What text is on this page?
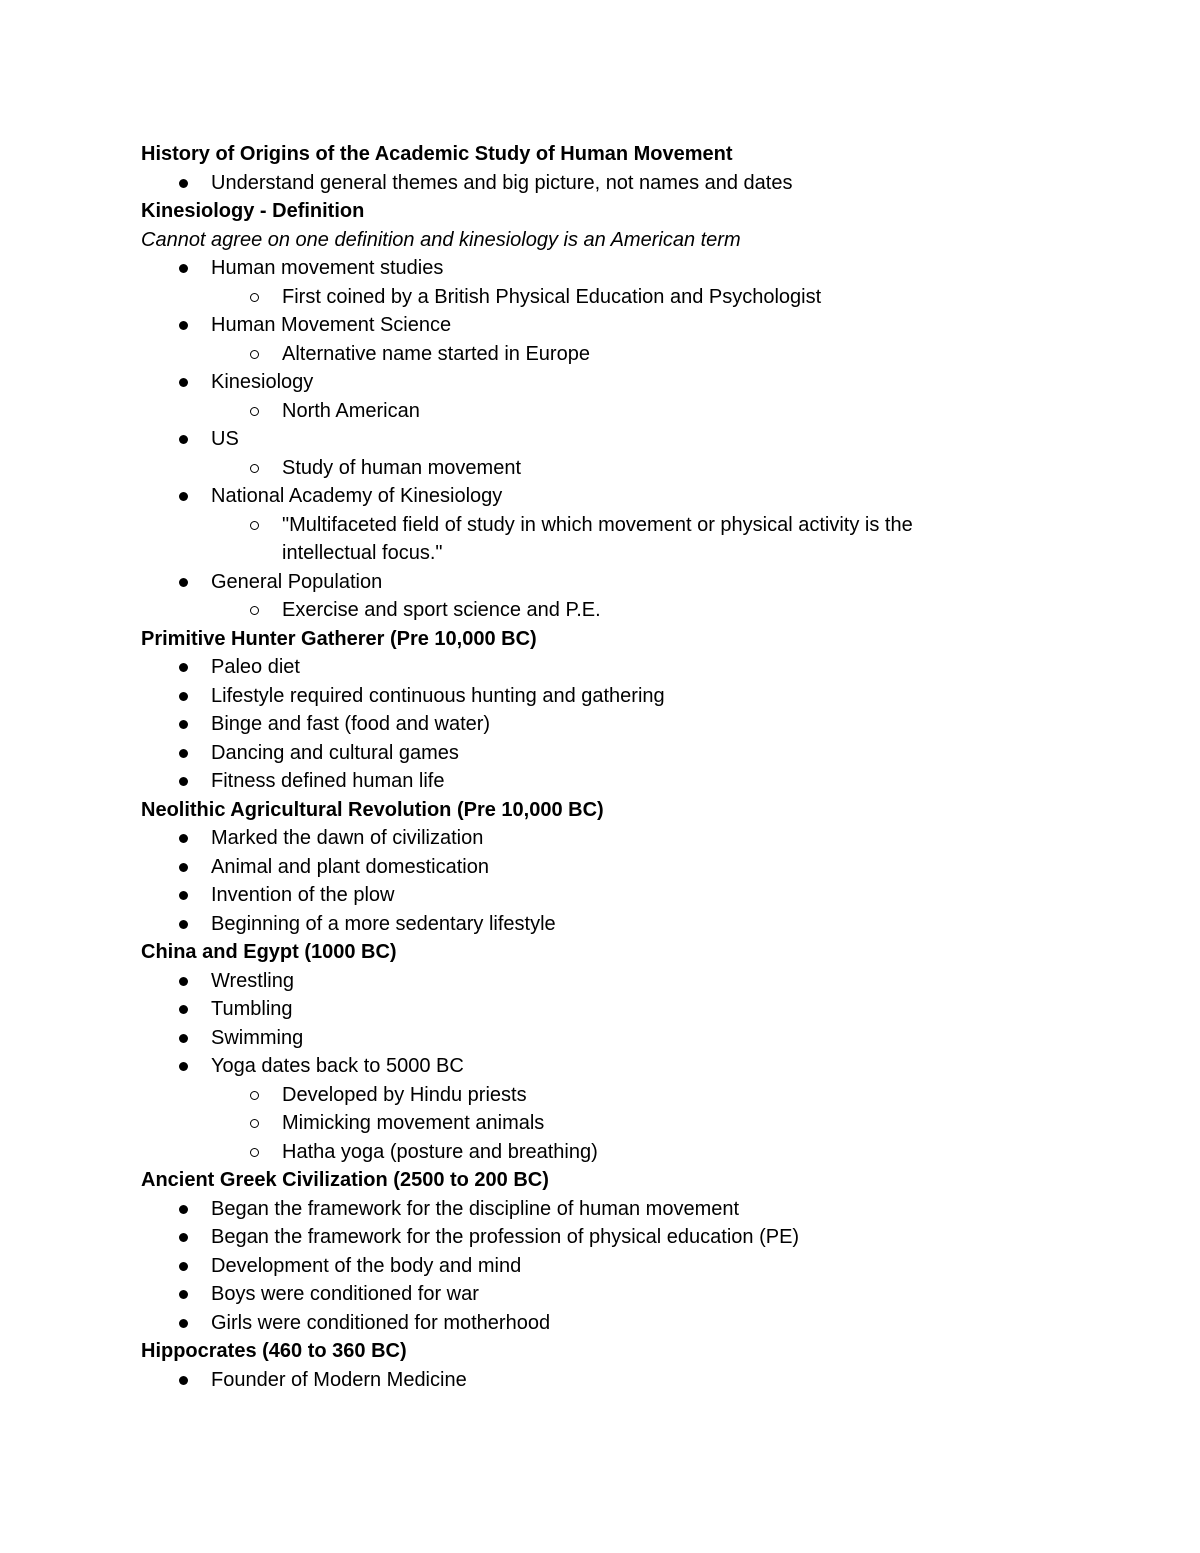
History of Origins of the Academic Study of Human Movement
Understand general themes and big picture, not names and dates
Kinesiology - Definition
Cannot agree on one definition and kinesiology is an American term
Human movement studies
First coined by a British Physical Education and Psychologist
Human Movement Science
Alternative name started in Europe
Kinesiology
North American
US
Study of human movement
National Academy of Kinesiology
"Multifaceted field of study in which movement or physical activity is the
intellectual focus."
General Population
Exercise and sport science and P.E.
Primitive Hunter Gatherer (Pre 10,000 BC)
Paleo diet
Lifestyle required continuous hunting and gathering
Binge and fast (food and water)
Dancing and cultural games
Fitness defined human life
Neolithic Agricultural Revolution (Pre 10,000 BC)
Marked the dawn of civilization
Animal and plant domestication
Invention of the plow
Beginning of a more sedentary lifestyle
China and Egypt (1000 BC)
Wrestling
Tumbling
Swimming
Yoga dates back to 5000 BC
Developed by Hindu priests
Mimicking movement animals
Hatha yoga (posture and breathing)
Ancient Greek Civilization (2500 to 200 BC)
Began the framework for the discipline of human movement
Began the framework for the profession of physical education (PE)
Development of the body and mind
Boys were conditioned for war
Girls were conditioned for motherhood
Hippocrates (460 to 360 BC)
Founder of Modern Medicine
